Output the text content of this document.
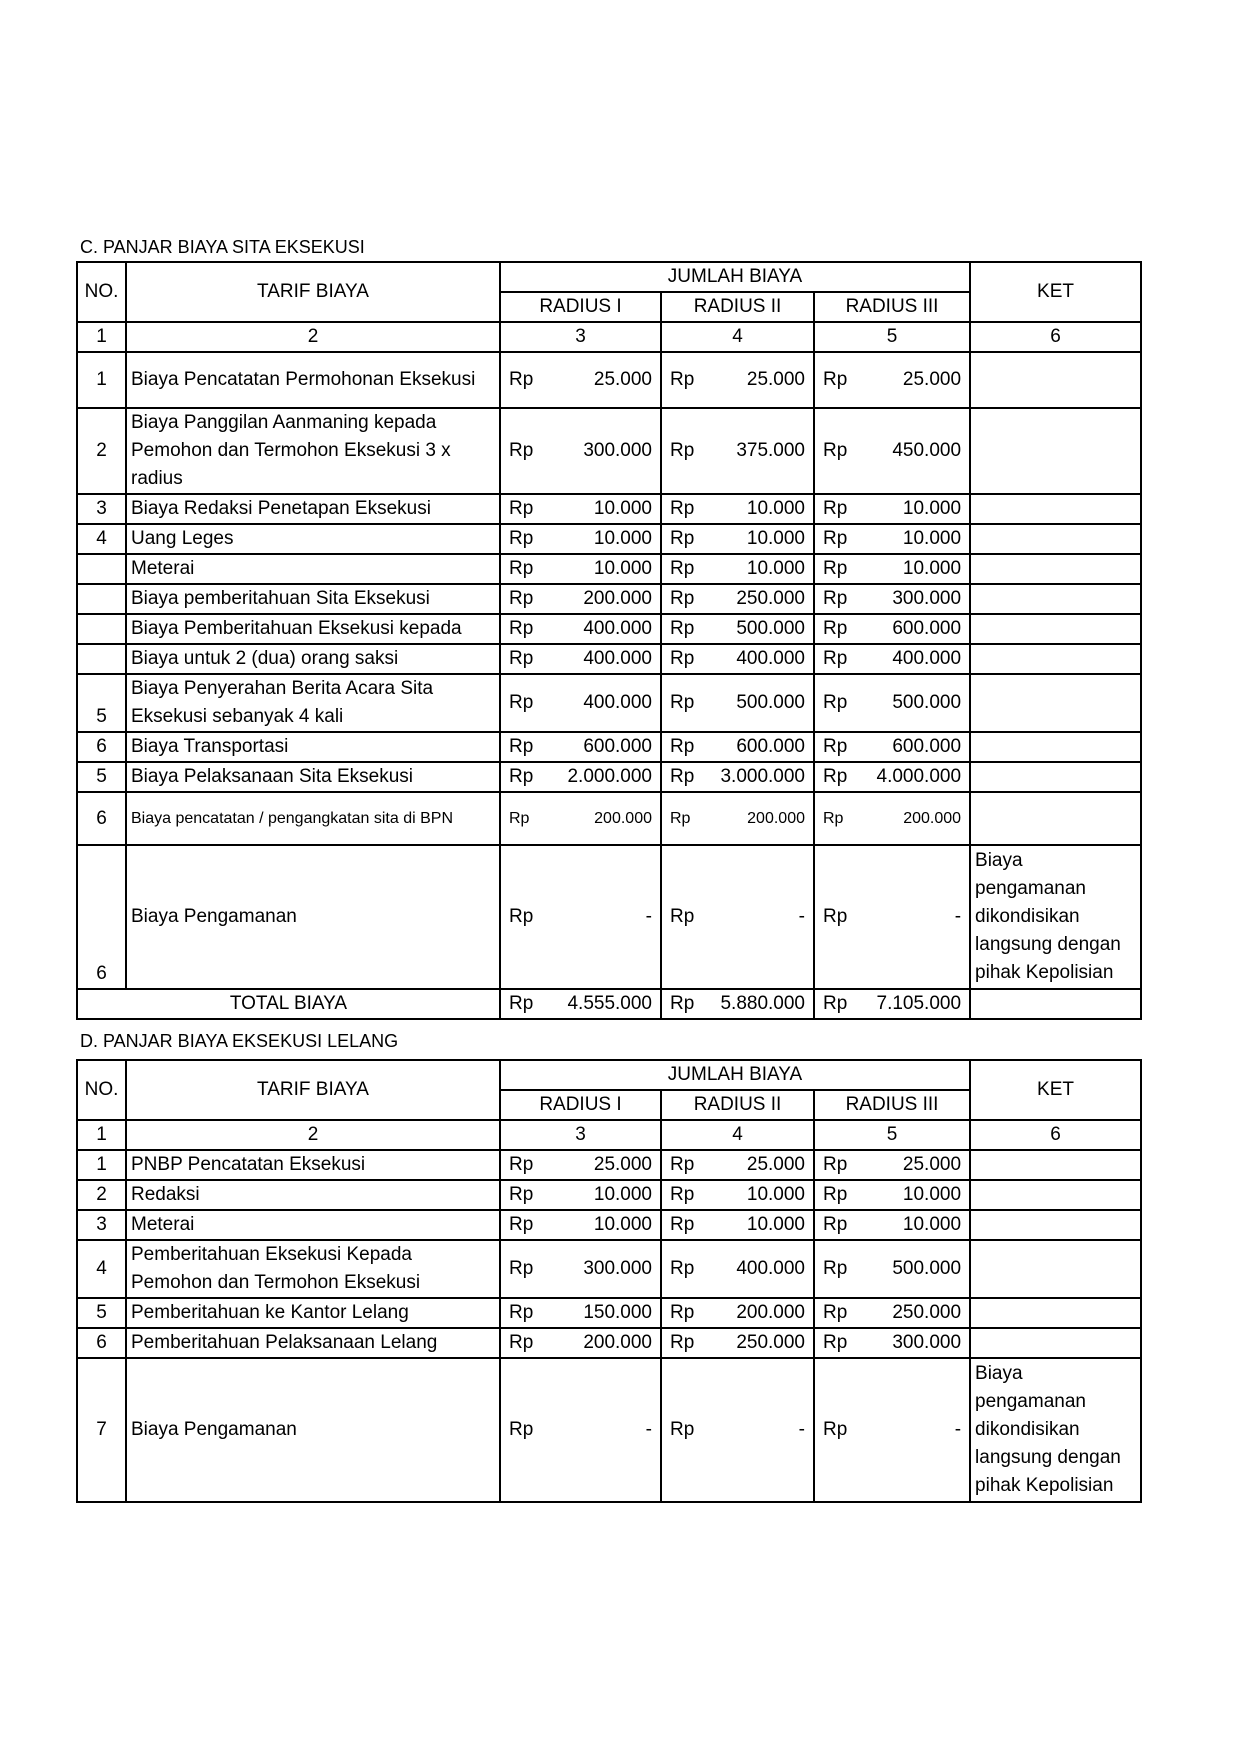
C. PANJAR BIAYA SITA EKSEKUSI
NO.	TARIF BIAYA	JUMLAH BIAYA			KET
		RADIUS I	RADIUS II	RADIUS III	
1	2	3	4	5	6
1	Biaya Pencatatan Permohonan Eksekusi	Rp 25.000	Rp 25.000	Rp 25.000	

2	Biaya Panggilan Aanmaning kepada Pemohon dan Termohon Eksekusi 3 x radius	Rp 300.000	Rp 375.000	Rp 450.000	

3	Biaya Redaksi Penetapan Eksekusi	Rp 10.000	Rp 10.000	Rp 10.000	

4	Uang Leges	Rp 10.000	Rp 10.000	Rp 10.000	

	Meterai	Rp 10.000	Rp 10.000	Rp 10.000	

	Biaya pemberitahuan Sita Eksekusi	Rp 200.000	Rp 250.000	Rp 300.000	

	Biaya Pemberitahuan Eksekusi kepada	Rp 400.000	Rp 500.000	Rp 600.000	

	Biaya untuk 2 (dua) orang saksi	Rp 400.000	Rp 400.000	Rp 400.000	

5	Biaya Penyerahan Berita Acara Sita Eksekusi sebanyak 4 kali	Rp 400.000	Rp 500.000	Rp 500.000	

6	Biaya Transportasi	Rp 600.000	Rp 600.000	Rp 600.000	

5	Biaya Pelaksanaan Sita Eksekusi	Rp 2.000.000	Rp 3.000.000	Rp 4.000.000	

6	Biaya pencatatan / pengangkatan sita di BPN	Rp 200.000	Rp 200.000	Rp 200.000	

6	Biaya Pengamanan	Rp -	Rp -	Rp -	Biaya pengamanan dikondisikan langsung dengan pihak Kepolisian
TOTAL BIAYA		Rp 4.555.000	Rp 5.880.000	Rp 7.105.000	

D. PANJAR BIAYA EKSEKUSI LELANG
NO.	TARIF BIAYA	JUMLAH BIAYA			KET
		RADIUS I	RADIUS II	RADIUS III	
1	2	3	4	5	6
1	PNBP Pencatatan Eksekusi	Rp 25.000	Rp 25.000	Rp 25.000	

2	Redaksi	Rp 10.000	Rp 10.000	Rp 10.000	

3	Meterai	Rp 10.000	Rp 10.000	Rp 10.000	

4	Pemberitahuan Eksekusi Kepada Pemohon dan Termohon Eksekusi	Rp 300.000	Rp 400.000	Rp 500.000	

5	Pemberitahuan ke Kantor Lelang	Rp 150.000	Rp 200.000	Rp 250.000	

6	Pemberitahuan Pelaksanaan Lelang	Rp 200.000	Rp 250.000	Rp 300.000	

7	Biaya Pengamanan	Rp -	Rp -	Rp -	Biaya pengamanan dikondisikan langsung dengan pihak Kepolisian
